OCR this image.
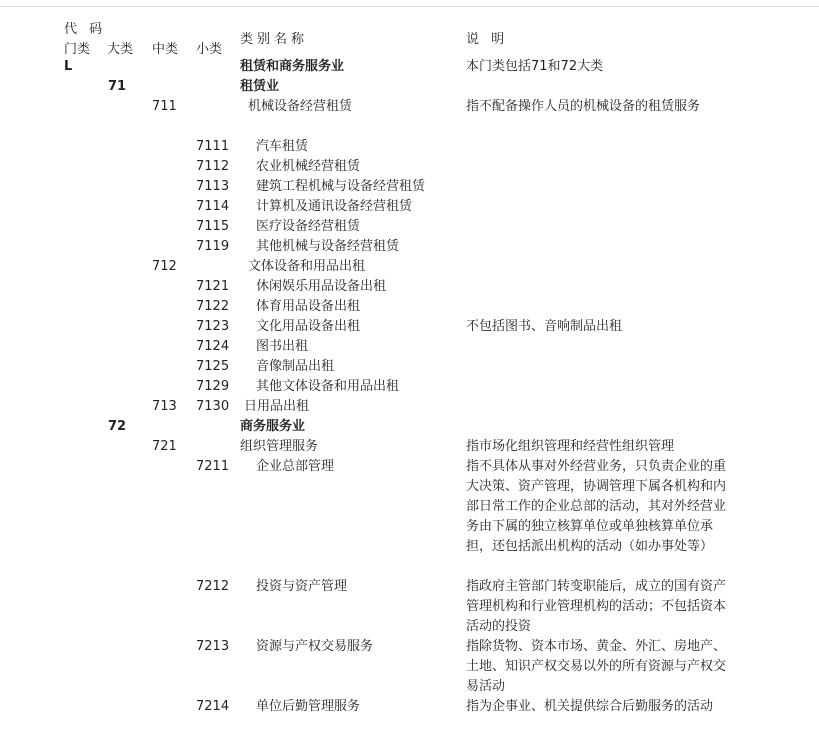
代 码
门类 大类 中类 小类
类别名称	说 明
L	租赁和商务服务业	本门类包括71和72大类
71	租赁业
711	机械设备经营租赁	指不配备操作人员的机械设备的租赁服务
7111 汽车租赁
7112 农业机械经营租赁
7113 建筑工程机械与设备经营租赁
7114 计算机及通讯设备经营租赁
7115 医疗设备经营租赁
7119 其他机械与设备经营租赁
712	文体设备和用品出租
7121 休闲娱乐用品设备出租
7122 体育用品设备出租
7123 文化用品设备出租	不包括图书、音响制品出租
7124 图书出租
7125 音像制品出租
7129 其他文体设备和用品出租
713 7130 日用品出租
72	商务服务业
721	组织管理服务	指市场化组织管理和经营性组织管理
7211 企业总部管理	指不具体从事对外经营业务，只负责企业的重大决策、资产管理，协调管理下属各机构和内部日常工作的企业总部的活动，其对外经营业务由下属的独立核算单位或单独核算单位承担，还包括派出机构的活动（如办事处等）
7212 投资与资产管理	指政府主管部门转变职能后，成立的国有资产管理机构和行业管理机构的活动；不包括资本活动的投资
7213 资源与产权交易服务	指除货物、资本市场、黄金、外汇、房地产、土地、知识产权交易以外的所有资源与产权交易活动
7214 单位后勤管理服务	指为企事业、机关提供综合后勤服务的活动
